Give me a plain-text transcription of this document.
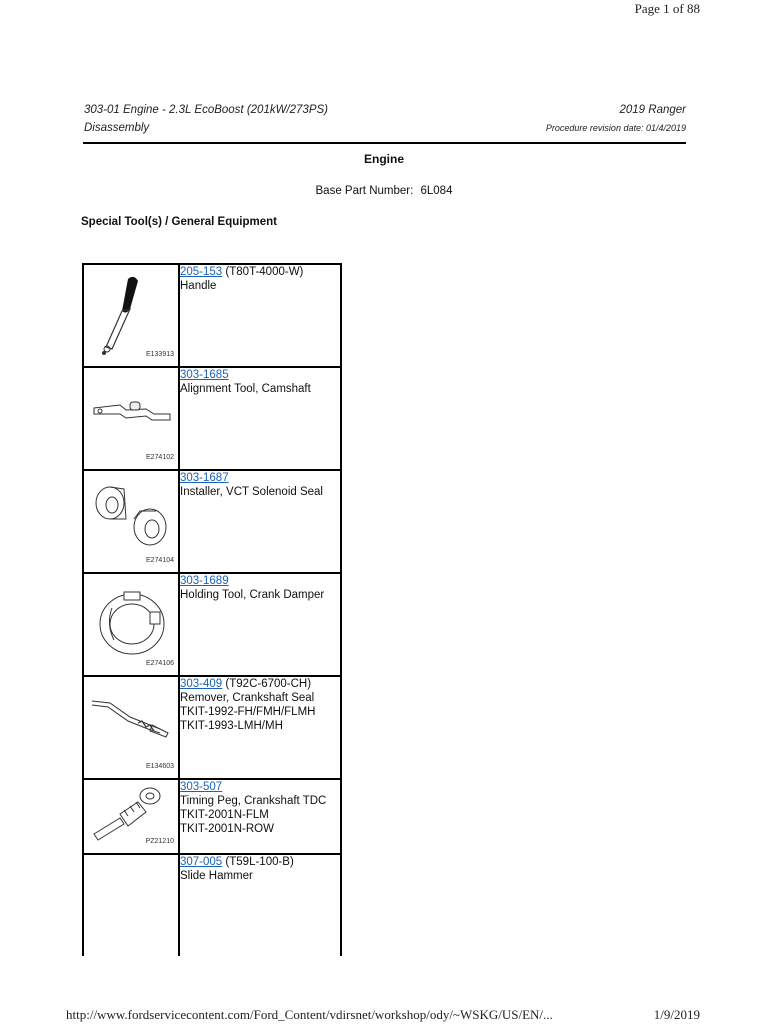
Page 1 of 88
303-01 Engine - 2.3L EcoBoost (201kW/273PS)
Disassembly
2019 Ranger
Procedure revision date: 01/4/2019
Engine
Base Part Number: 6L084
Special Tool(s) / General Equipment
E133913	205-153 (T80T-4000-W)
Handle

E274102	303-1685
Alignment Tool, Camshaft

E274104	303-1687
Installer, VCT Solenoid Seal

E274106	303-1689
Holding Tool, Crank Damper

E134603	303-409 (T92C-6700-CH)
Remover, Crankshaft Seal
TKIT-1992-FH/FMH/FLMH
TKIT-1993-LMH/MH

PZ21210	303-507
Timing Peg, Crankshaft TDC
TKIT-2001N-FLM
TKIT-2001N-ROW
	307-005 (T59L-100-B)
Slide Hammer
http://www.fordservicecontent.com/Ford_Content/vdirsnet/workshop/ody/~WSKG/US/EN/...	1/9/2019
